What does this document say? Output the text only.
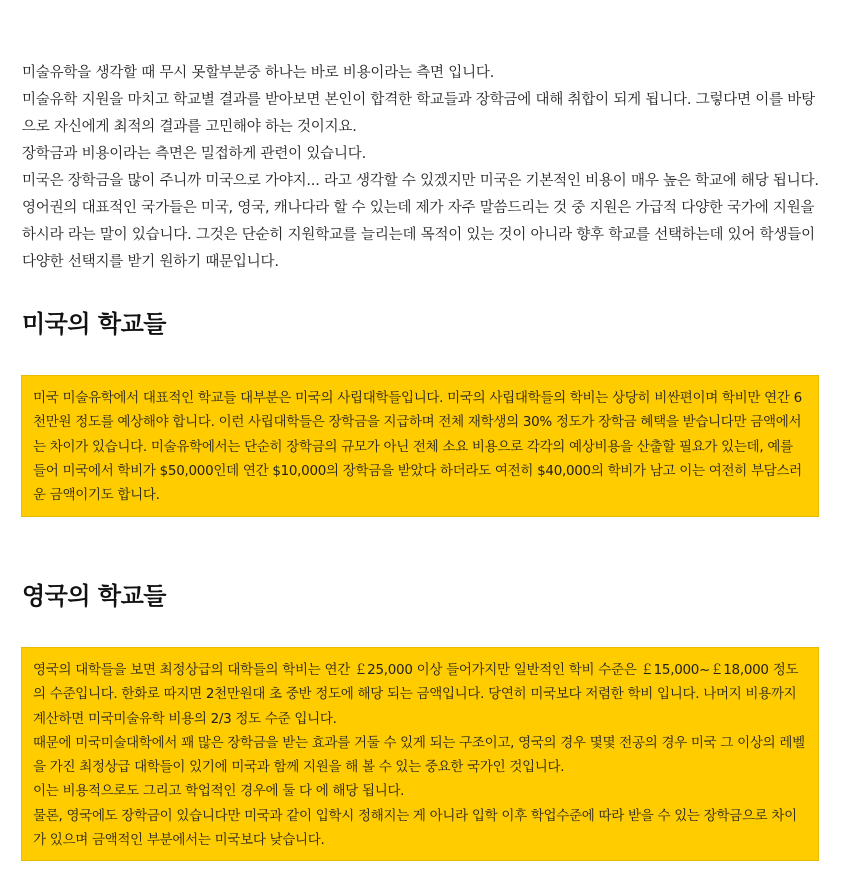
미술유학을 생각할 때 무시 못할부분중 하나는 바로 비용이라는 측면 입니다.

미술유학 지원을 마치고 학교별 결과를 받아보면 본인이 합격한 학교들과 장학금에 대해 취합이 되게 됩니다. 그렇다면 이를 바탕으로 자신에게 최적의 결과를 고민해야 하는 것이지요.

장학금과 비용이라는 측면은 밀접하게 관련이 있습니다.

미국은 장학금을 많이 주니까 미국으로 가야지... 라고 생각할 수 있겠지만 미국은 기본적인 비용이 매우 높은 학교에 해당 됩니다. 영어권의 대표적인 국가들은 미국, 영국, 캐나다라 할 수 있는데 제가 자주 말씀드리는 것 중 지원은 가급적 다양한 국가에 지원을 하시라 라는 말이 있습니다. 그것은 단순히 지원학교를 늘리는데 목적이 있는 것이 아니라 향후 학교를 선택하는데 있어 학생들이 다양한 선택지를 받기 원하기 때문입니다.

미국의 학교들

미국 미술유학에서 대표적인 학교들 대부분은 미국의 사립대학들입니다. 미국의 사립대학들의 학비는 상당히 비싼편이며 학비만 연간 6천만원 정도를 예상해야 합니다. 이런 사립대학들은 장학금을 지급하며 전체 재학생의 30% 정도가 장학금 혜택을 받습니다만 금액에서는 차이가 있습니다. 미술유학에서는 단순히 장학금의 규모가 아닌 전체 소요 비용으로 각각의 예상비용을 산출할 필요가 있는데, 예를 들어 미국에서 학비가 $50,000인데 연간 $10,000의 장학금을 받았다 하더라도 여전히 $40,000의 학비가 남고 이는 여전히 부담스러운 금액이기도 합니다.

영국의 학교들

영국의 대학들을 보면 최정상급의 대학들의 학비는 연간 ￡25,000 이상 들어가지만 일반적인 학비 수준은 ￡15,000~￡18,000 정도의 수준입니다. 한화로 따지면 2천만원대 초 중반 정도에 해당 되는 금액입니다. 당연히 미국보다 저렴한 학비 입니다. 나머지 비용까지 계산하면 미국미술유학 비용의 2/3 정도 수준 입니다.

때문에 미국미술대학에서 꽤 많은 장학금을 받는 효과를 거둘 수 있게 되는 구조이고, 영국의 경우 몇몇 전공의 경우 미국 그 이상의 레벨을 가진 최정상급 대학들이 있기에 미국과 함께 지원을 해 볼 수 있는 중요한 국가인 것입니다.

이는 비용적으로도 그리고 학업적인 경우에 둘 다 에 해당 됩니다.

물론, 영국에도 장학금이 있습니다만 미국과 같이 입학시 정해지는 게 아니라 입학 이후 학업수준에 따라 받을 수 있는 장학금으로 차이가 있으며 금액적인 부분에서는 미국보다 낮습니다.
